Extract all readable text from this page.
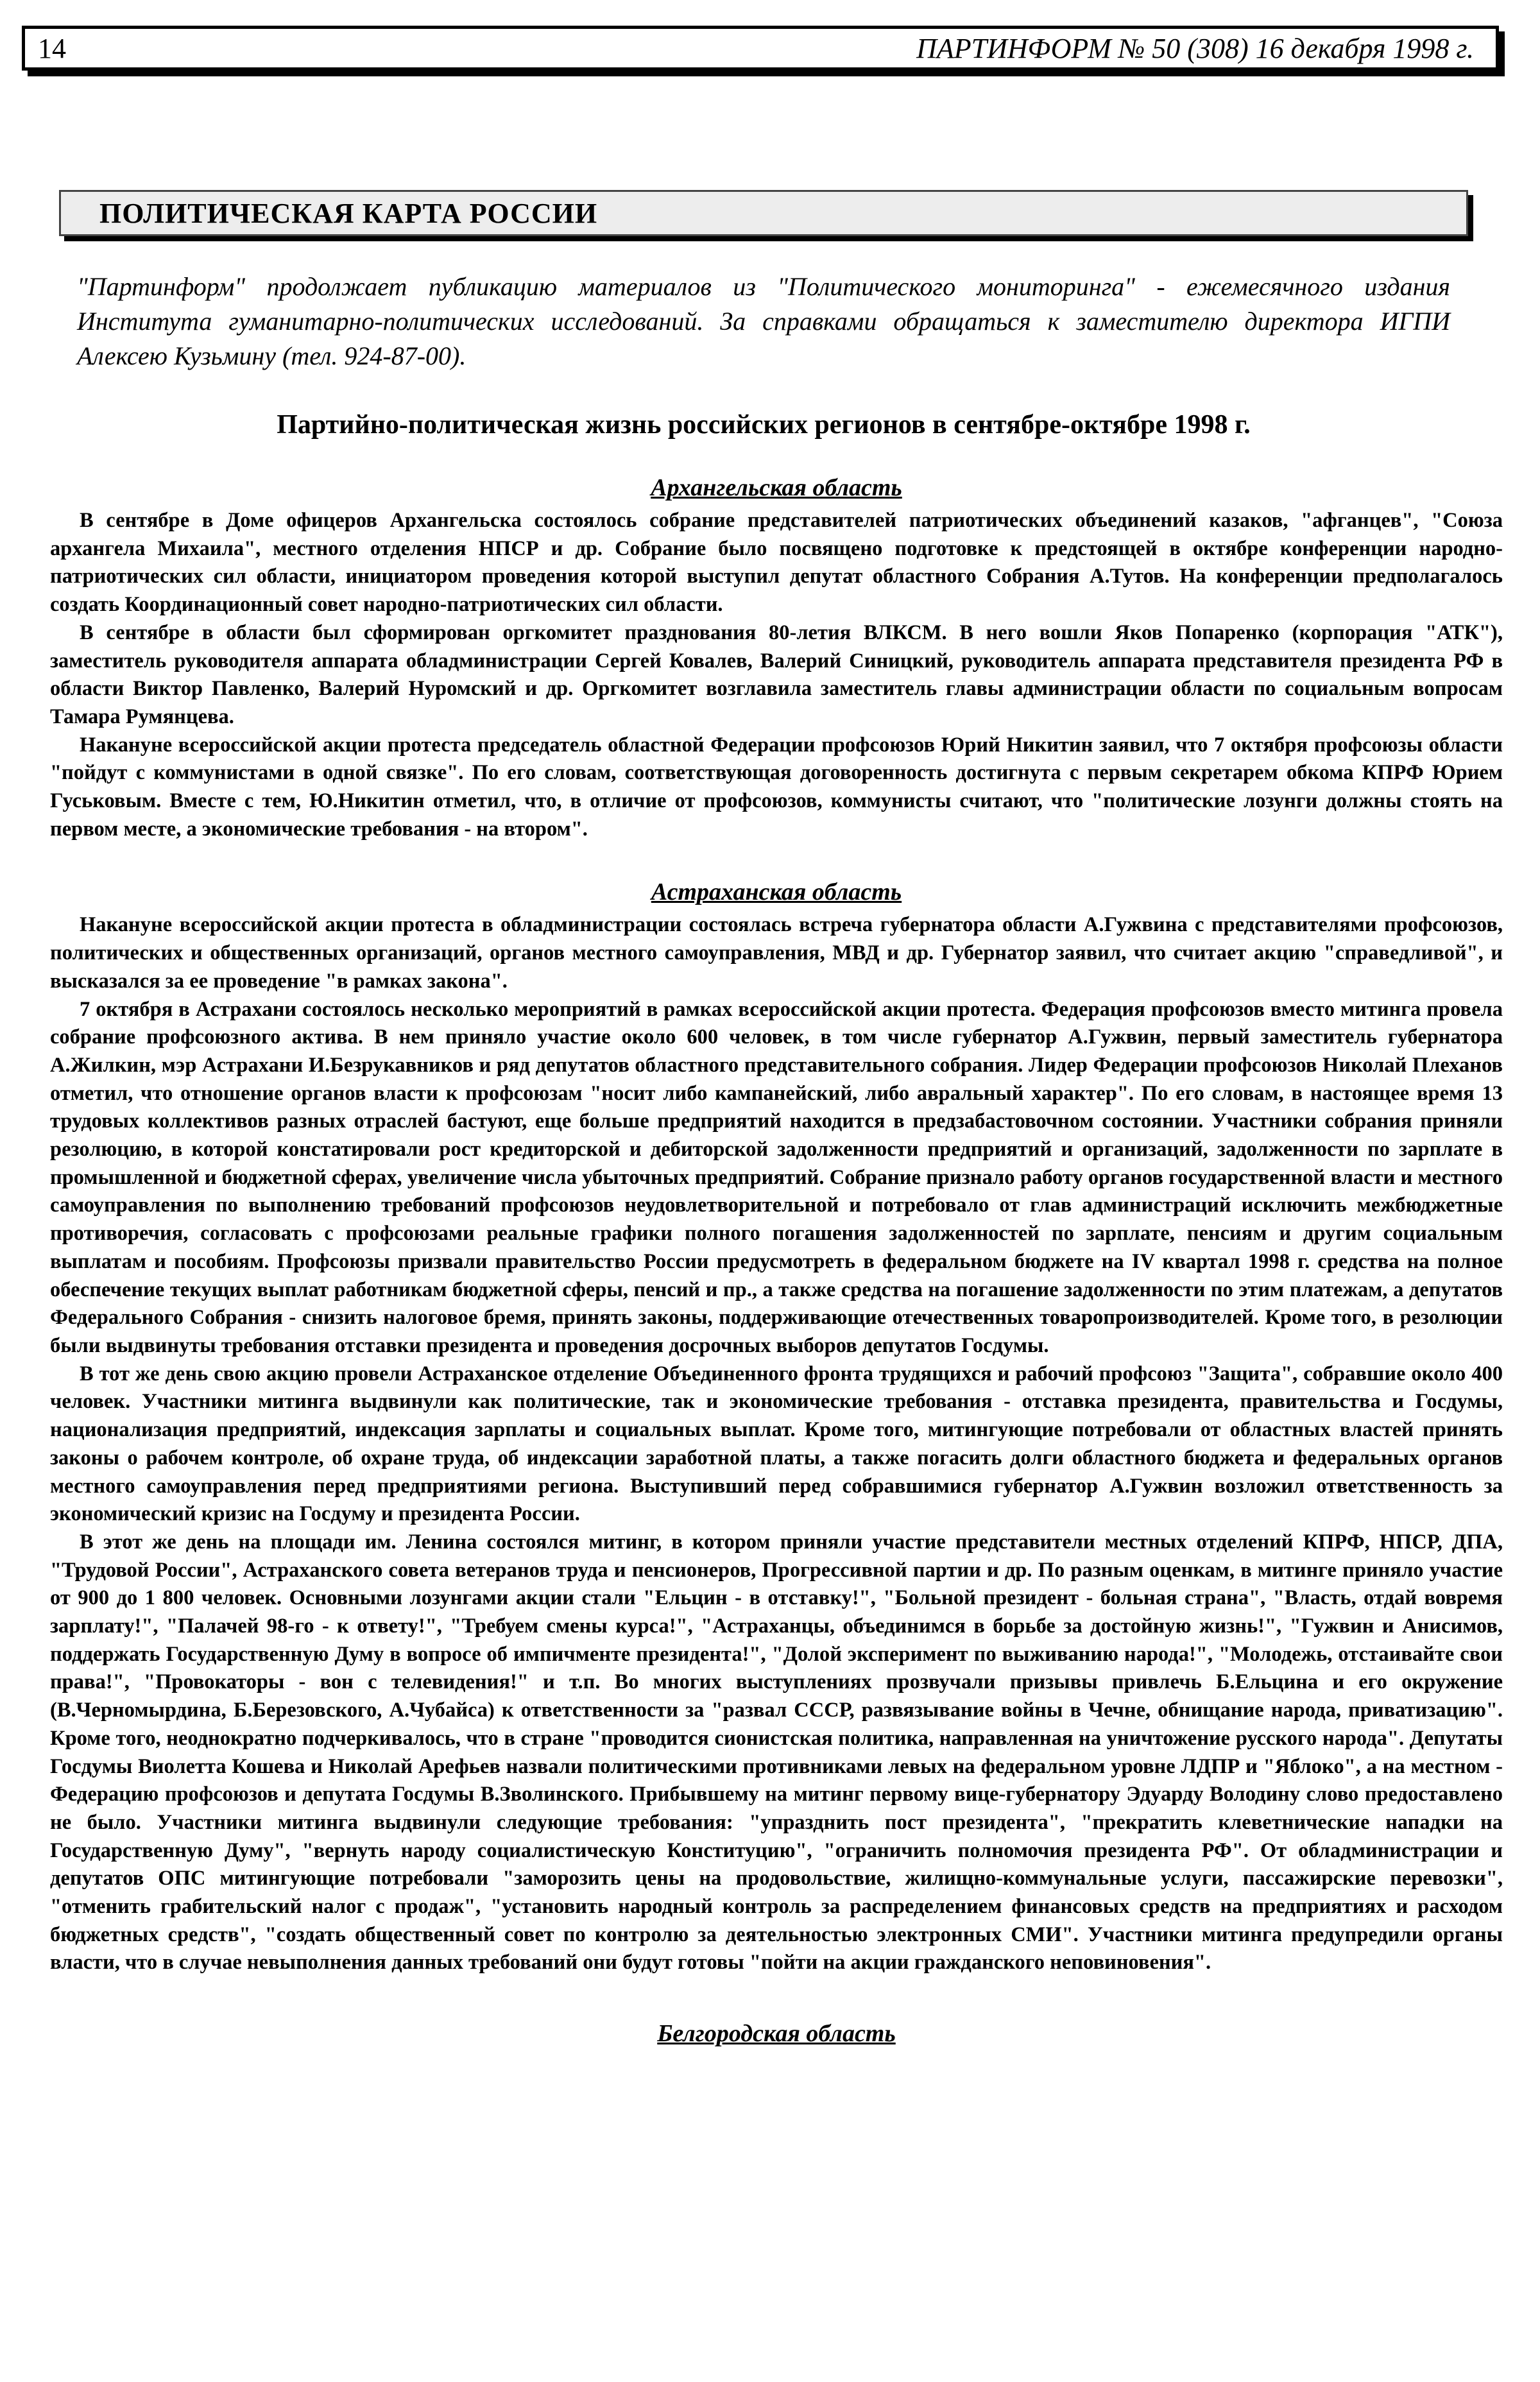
14	ПАРТИНФОРМ № 50 (308) 16 декабря 1998 г.
ПОЛИТИЧЕСКАЯ КАРТА РОССИИ
"Партинформ" продолжает публикацию материалов из "Политического мониторинга" - ежемесячного издания Института гуманитарно-политических исследований. За справками обращаться к заместителю директора ИГПИ Алексею Кузьмину (тел. 924-87-00).
Партийно-политическая жизнь российских регионов в сентябре-октябре 1998 г.
Архангельская область

В сентябре в Доме офицеров Архангельска состоялось собрание представителей патриотических объединений казаков, "афганцев", "Союза архангела Михаила", местного отделения НПСР и др. Собрание было посвящено подготовке к предстоящей в октябре конференции народно-патриотических сил области, инициатором проведения которой выступил депутат областного Собрания А.Тутов. На конференции предполагалось создать Координационный совет народно-патриотических сил области.

В сентябре в области был сформирован оргкомитет празднования 80-летия ВЛКСМ. В него вошли Яков Попаренко (корпорация "АТК"), заместитель руководителя аппарата обладминистрации Сергей Ковалев, Валерий Синицкий, руководитель аппарата представителя президента РФ в области Виктор Павленко, Валерий Нуромский и др. Оргкомитет возглавила заместитель главы администрации области по социальным вопросам Тамара Румянцева.

Накануне всероссийской акции протеста председатель областной Федерации профсоюзов Юрий Никитин заявил, что 7 октября профсоюзы области "пойдут с коммунистами в одной связке". По его словам, соответствующая договоренность достигнута с первым секретарем обкома КПРФ Юрием Гуськовым. Вместе с тем, Ю.Никитин отметил, что, в отличие от профсоюзов, коммунисты считают, что "политические лозунги должны стоять на первом месте, а экономические требования - на втором".

Астраханская область

Накануне всероссийской акции протеста в обладминистрации состоялась встреча губернатора области А.Гужвина с представителями профсоюзов, политических и общественных организаций, органов местного самоуправления, МВД и др. Губернатор заявил, что считает акцию "справедливой", и высказался за ее проведение "в рамках закона".

7 октября в Астрахани состоялось несколько мероприятий в рамках всероссийской акции протеста. Федерация профсоюзов вместо митинга провела собрание профсоюзного актива. В нем приняло участие около 600 человек, в том числе губернатор А.Гужвин, первый заместитель губернатора А.Жилкин, мэр Астрахани И.Безрукавников и ряд депутатов областного представительного собрания. Лидер Федерации профсоюзов Николай Плеханов отметил, что отношение органов власти к профсоюзам "носит либо кампанейский, либо авральный характер". По его словам, в настоящее время 13 трудовых коллективов разных отраслей бастуют, еще больше предприятий находится в предзабастовочном состоянии. Участники собрания приняли резолюцию, в которой констатировали рост кредиторской и дебиторской задолженности предприятий и организаций, задолженности по зарплате в промышленной и бюджетной сферах, увеличение числа убыточных предприятий. Собрание признало работу органов государственной власти и местного самоуправления по выполнению требований профсоюзов неудовлетворительной и потребовало от глав администраций исключить межбюджетные противоречия, согласовать с профсоюзами реальные графики полного погашения задолженностей по зарплате, пенсиям и другим социальным выплатам и пособиям. Профсоюзы призвали правительство России предусмотреть в федеральном бюджете на IV квартал 1998 г. средства на полное обеспечение текущих выплат работникам бюджетной сферы, пенсий и пр., а также средства на погашение задолженности по этим платежам, а депутатов Федерального Собрания - снизить налоговое бремя, принять законы, поддерживающие отечественных товаропроизводителей. Кроме того, в резолюции были выдвинуты требования отставки президента и проведения досрочных выборов депутатов Госдумы.

В тот же день свою акцию провели Астраханское отделение Объединенного фронта трудящихся и рабочий профсоюз "Защита", собравшие около 400 человек. Участники митинга выдвинули как политические, так и экономические требования - отставка президента, правительства и Госдумы, национализация предприятий, индексация зарплаты и социальных выплат. Кроме того, митингующие потребовали от областных властей принять законы о рабочем контроле, об охране труда, об индексации заработной платы, а также погасить долги областного бюджета и федеральных органов местного самоуправления перед предприятиями региона. Выступивший перед собравшимися губернатор А.Гужвин возложил ответственность за экономический кризис на Госдуму и президента России.

В этот же день на площади им. Ленина состоялся митинг, в котором приняли участие представители местных отделений КПРФ, НПСР, ДПА, "Трудовой России", Астраханского совета ветеранов труда и пенсионеров, Прогрессивной партии и др. По разным оценкам, в митинге приняло участие от 900 до 1 800 человек. Основными лозунгами акции стали "Ельцин - в отставку!", "Больной президент - больная страна", "Власть, отдай вовремя зарплату!", "Палачей 98-го - к ответу!", "Требуем смены курса!", "Астраханцы, объединимся в борьбе за достойную жизнь!", "Гужвин и Анисимов, поддержать Государственную Думу в вопросе об импичменте президента!", "Долой эксперимент по выживанию народа!", "Молодежь, отстаивайте свои права!", "Провокаторы - вон с телевидения!" и т.п. Во многих выступлениях прозвучали призывы привлечь Б.Ельцина и его окружение (В.Черномырдина, Б.Березовского, А.Чубайса) к ответственности за "развал СССР, развязывание войны в Чечне, обнищание народа, приватизацию". Кроме того, неоднократно подчеркивалось, что в стране "проводится сионистская политика, направленная на уничтожение русского народа". Депутаты Госдумы Виолетта Кошева и Николай Арефьев назвали политическими противниками левых на федеральном уровне ЛДПР и "Яблоко", а на местном - Федерацию профсоюзов и депутата Госдумы В.Зволинского. Прибывшему на митинг первому вице-губернатору Эдуарду Володину слово предоставлено не было. Участники митинга выдвинули следующие требования: "упразднить пост президента", "прекратить клеветнические нападки на Государственную Думу", "вернуть народу социалистическую Конституцию", "ограничить полномочия президента РФ". От обладминистрации и депутатов ОПС митингующие потребовали "заморозить цены на продовольствие, жилищно-коммунальные услуги, пассажирские перевозки", "отменить грабительский налог с продаж", "установить народный контроль за распределением финансовых средств на предприятиях и расходом бюджетных средств", "создать общественный совет по контролю за деятельностью электронных СМИ". Участники митинга предупредили органы власти, что в случае невыполнения данных требований они будут готовы "пойти на акции гражданского неповиновения".

Белгородская область
